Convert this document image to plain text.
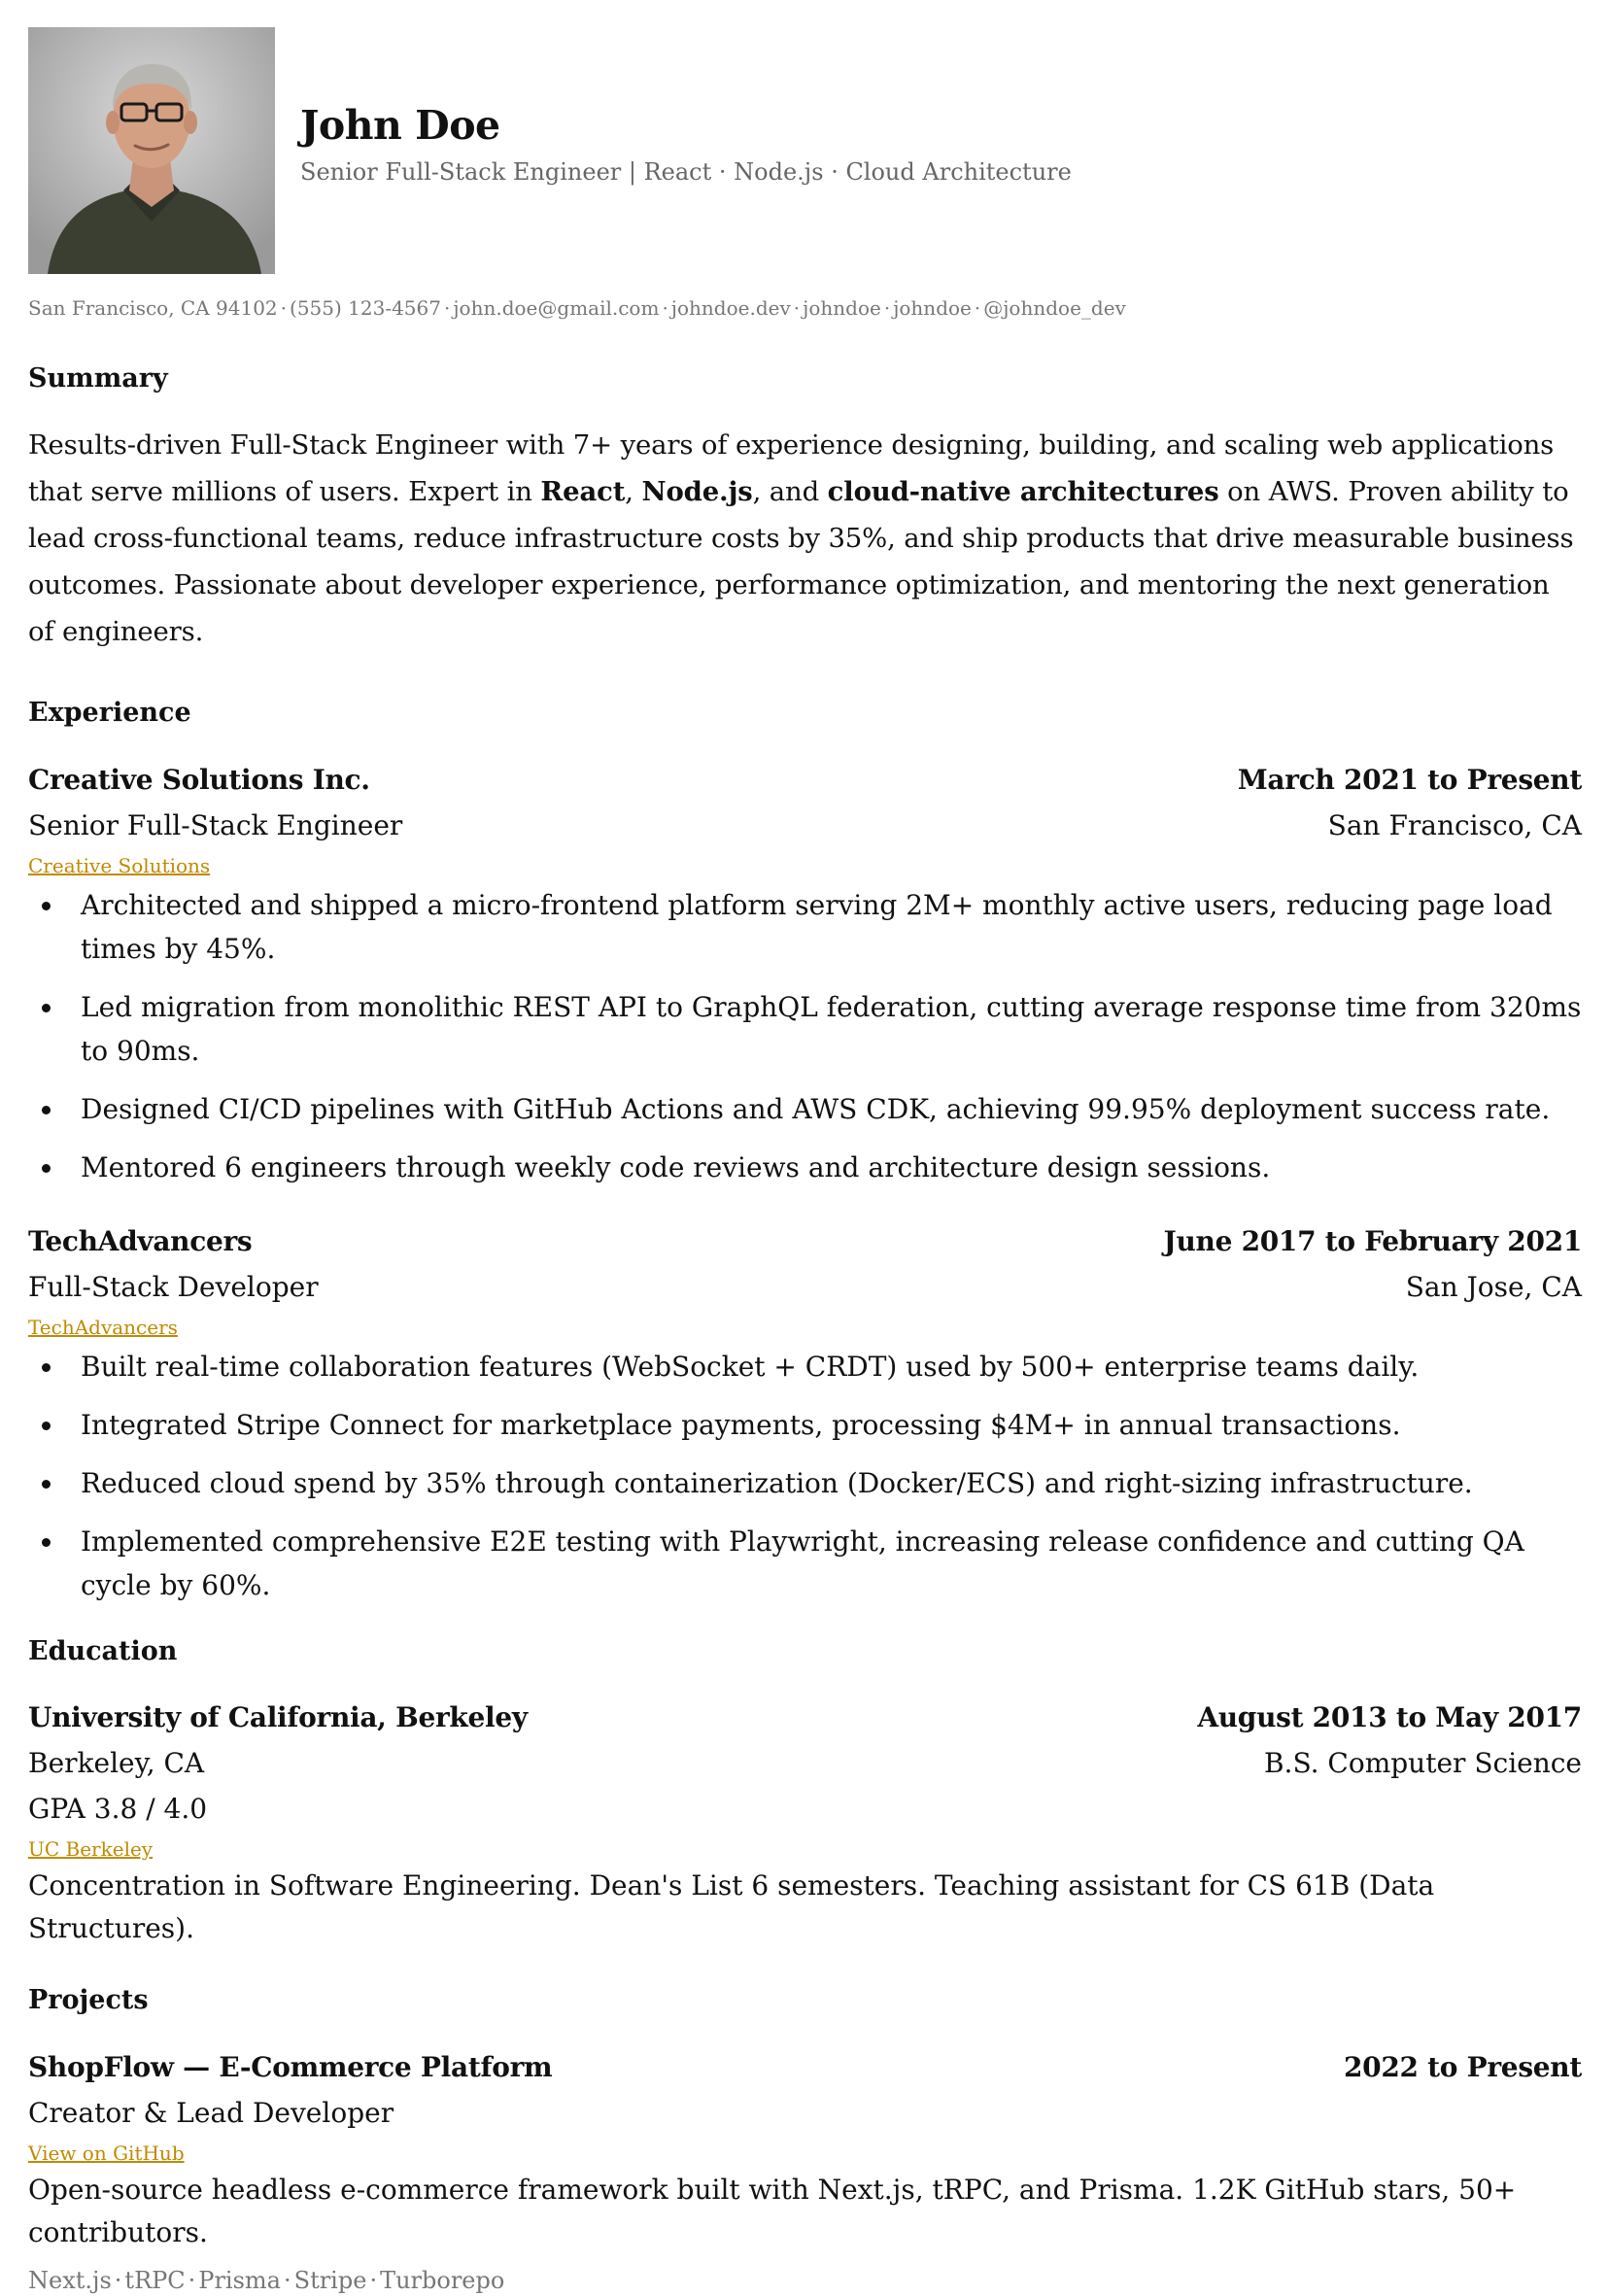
John Doe
Senior Full-Stack Engineer | React · Node.js · Cloud Architecture
San Francisco, CA 94102 · (555) 123-4567 · john.doe@gmail.com · johndoe.dev · johndoe · johndoe · @johndoe_dev
Summary

Results-driven Full-Stack Engineer with 7+ years of experience designing, building, and scaling web applications that serve millions of users. Expert in React, Node.js, and cloud-native architectures on AWS. Proven ability to lead cross-functional teams, reduce infrastructure costs by 35%, and ship products that drive measurable business outcomes. Passionate about developer experience, performance optimization, and mentoring the next generation of engineers.

Experience
Creative Solutions Inc.	March 2021 to Present
Senior Full-Stack Engineer	San Francisco, CA
Creative Solutions
Architected and shipped a micro-frontend platform serving 2M+ monthly active users, reducing page load times by 45%.
Led migration from monolithic REST API to GraphQL federation, cutting average response time from 320ms to 90ms.
Designed CI/CD pipelines with GitHub Actions and AWS CDK, achieving 99.95% deployment success rate.
Mentored 6 engineers through weekly code reviews and architecture design sessions.
TechAdvancers	June 2017 to February 2021
Full-Stack Developer	San Jose, CA
TechAdvancers
Built real-time collaboration features (WebSocket + CRDT) used by 500+ enterprise teams daily.
Integrated Stripe Connect for marketplace payments, processing $4M+ in annual transactions.
Reduced cloud spend by 35% through containerization (Docker/ECS) and right-sizing infrastructure.
Implemented comprehensive E2E testing with Playwright, increasing release confidence and cutting QA cycle by 60%.
Education
University of California, Berkeley	August 2013 to May 2017
Berkeley, CA	B.S. Computer Science
GPA 3.8 / 4.0
UC Berkeley
Concentration in Software Engineering. Dean's List 6 semesters. Teaching assistant for CS 61B (Data Structures).
Projects
ShopFlow — E-Commerce Platform	2022 to Present
Creator & Lead Developer
View on GitHub
Open-source headless e-commerce framework built with Next.js, tRPC, and Prisma. 1.2K GitHub stars, 50+ contributors.
Next.js · tRPC · Prisma · Stripe · Turborepo
